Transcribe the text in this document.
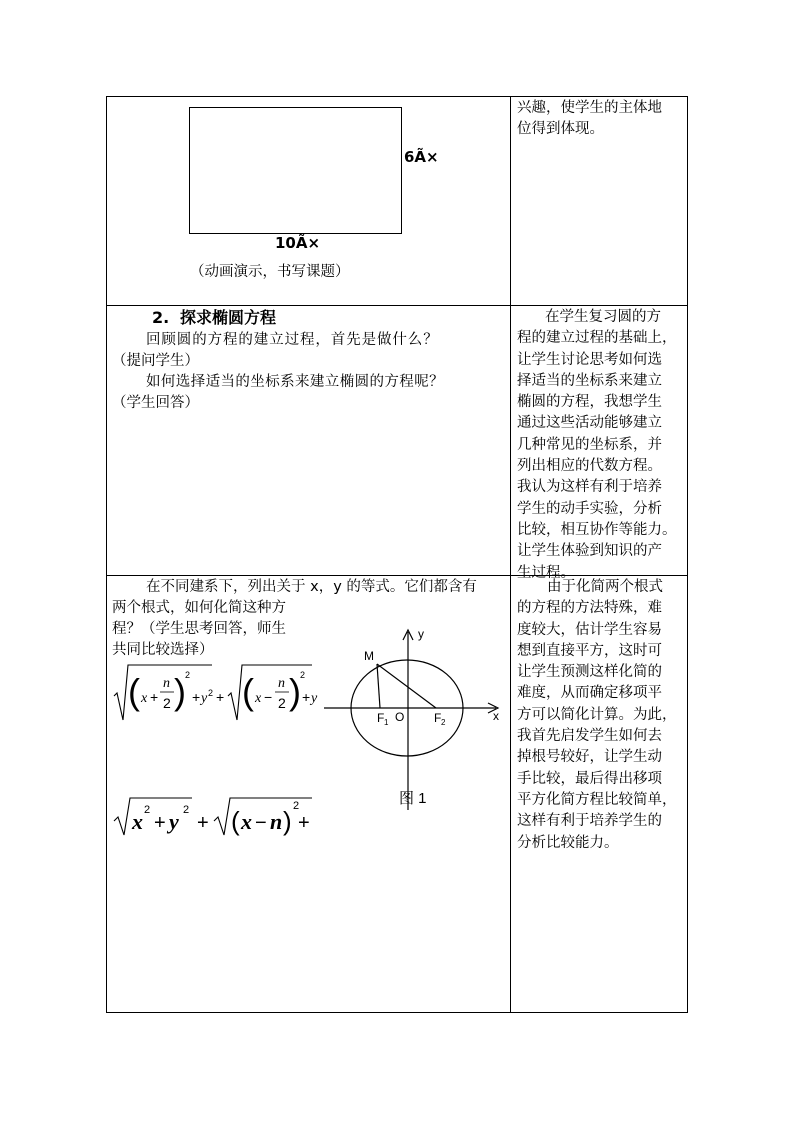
6Ã×
10Ã×
（动画演示，书写课题）
兴趣，使学生的主体地
位得到体现。
2. 探求椭圆方程
回顾圆的方程的建立过程，首先是做什么？
（提问学生）
如何选择适当的坐标系来建立椭圆的方程呢？
（学生回答）
在学生复习圆的方
程的建立过程的基础上，
让学生讨论思考如何选
择适当的坐标系来建立
椭圆的方程，我想学生
通过这些活动能够建立
几种常见的坐标系，并
列出相应的代数方程。
我认为这样有利于培养
学生的动手实验，分析
比较，相互协作等能力。
让学生体验到知识的产
生过程。
在不同建系下，列出关于 x，y 的等式。它们都含有
两个根式，如何化简这种方
程？（学生思考回答，师生
共同比较选择）
( x +
n
2 ) 2
+ y 2 + ( x −
n
2 ) 2
+ y
x 2
+ y 2
+ ( x − n ) 2
+
y
x
M
F 1 O F 2
图 1
由于化简两个根式
的方程的方法特殊，难
度较大，估计学生容易
想到直接平方，这时可
让学生预测这样化简的
难度，从而确定移项平
方可以简化计算。为此，
我首先启发学生如何去
掉根号较好，让学生动
手比较，最后得出移项
平方化简方程比较简单，
这样有利于培养学生的
分析比较能力。
